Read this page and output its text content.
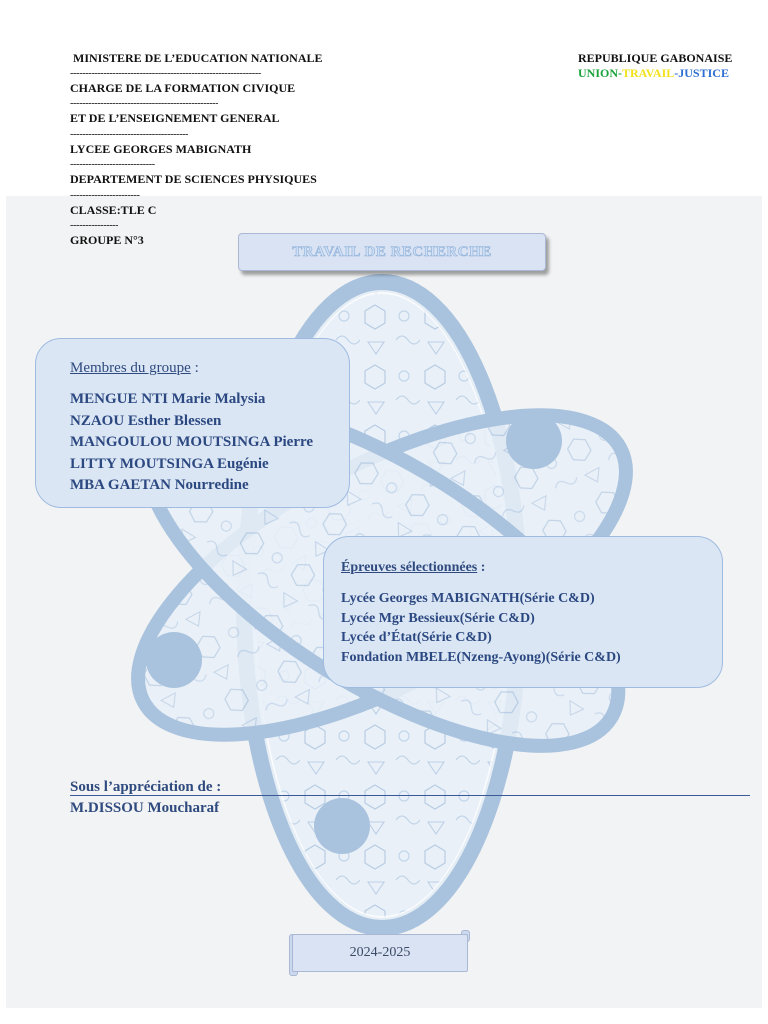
MINISTERE DE L’EDUCATION NATIONALE
---------------------------------------------------------------
CHARGE DE LA FORMATION CIVIQUE
-------------------------------------------------
ET DE L’ENSEIGNEMENT GENERAL
---------------------------------------
LYCEE GEORGES MABIGNATH
----------------------------
DEPARTEMENT DE SCIENCES PHYSIQUES
-----------------------
CLASSE:TLE C
----------------
GROUPE N°3
REPUBLIQUE GABONAISE
UNION-TRAVAIL-JUSTICE
TRAVAIL DE RECHERCHE
Membres du groupe :
MENGUE NTI Marie Malysia
NZAOU Esther Blessen
MANGOULOU MOUTSINGA Pierre
LITTY MOUTSINGA Eugénie
MBA GAETAN Nourredine
Épreuves sélectionnées :
Lycée Georges MABIGNATH(Série C&D)
Lycée Mgr Bessieux(Série C&D)
Lycée d’État(Série C&D)
Fondation MBELE(Nzeng-Ayong)(Série C&D)
Sous l’appréciation de :
M.DISSOU Moucharaf
2024-2025
